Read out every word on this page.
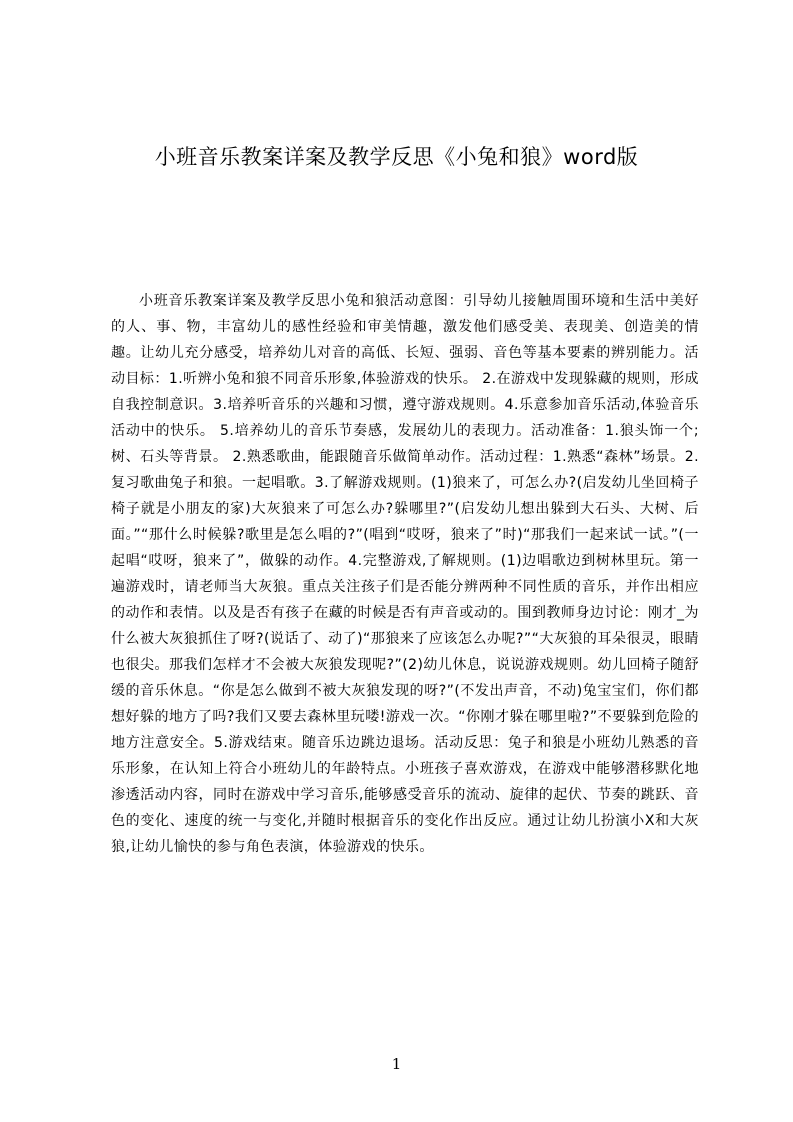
小班音乐教案详案及教学反思《小兔和狼》word版

小班音乐教案详案及教学反思小兔和狼活动意图：引导幼儿接触周围环境和生活中美好的人、事、物，丰富幼儿的感性经验和审美情趣，激发他们感受美、表现美、创造美的情趣。让幼儿充分感受，培养幼儿对音的高低、长短、强弱、音色等基本要素的辨别能力。活动目标：1.听辨小兔和狼不同音乐形象,体验游戏的快乐。 2.在游戏中发现躲藏的规则，形成自我控制意识。3.培养听音乐的兴趣和习惯，遵守游戏规则。4.乐意参加音乐活动,体验音乐活动中的快乐。 5.培养幼儿的音乐节奏感，发展幼儿的表现力。活动准备：1.狼头饰一个;树、石头等背景。 2.熟悉歌曲，能跟随音乐做简单动作。活动过程：1.熟悉“森林”场景。2.复习歌曲兔子和狼。一起唱歌。3.了解游戏规则。(1)狼来了，可怎么办?(启发幼儿坐回椅子椅子就是小朋友的家)大灰狼来了可怎么办?躲哪里?”(启发幼儿想出躲到大石头、大树、后面。”“那什么时候躲?歌里是怎么唱的?”(唱到“哎呀，狼来了”时)“那我们一起来试一试。”(一起唱“哎呀，狼来了”，做躲的动作。4.完整游戏,了解规则。(1)边唱歌边到树林里玩。第一遍游戏时，请老师当大灰狼。重点关注孩子们是否能分辨两种不同性质的音乐，并作出相应的动作和表情。以及是否有孩子在藏的时候是否有声音或动的。围到教师身边讨论：刚才_为什么被大灰狼抓住了呀?(说话了、动了)“那狼来了应该怎么办呢?”“大灰狼的耳朵很灵，眼睛也很尖。那我们怎样才不会被大灰狼发现呢?”(2)幼儿休息，说说游戏规则。幼儿回椅子随舒缓的音乐休息。“你是怎么做到不被大灰狼发现的呀?”(不发出声音，不动)兔宝宝们，你们都想好躲的地方了吗?我们又要去森林里玩喽!游戏一次。“你刚才躲在哪里啦?”不要躲到危险的地方注意安全。5.游戏结束。随音乐边跳边退场。活动反思：兔子和狼是小班幼儿熟悉的音乐形象，在认知上符合小班幼儿的年龄特点。小班孩子喜欢游戏，在游戏中能够潜移默化地渗透活动内容，同时在游戏中学习音乐,能够感受音乐的流动、旋律的起伏、节奏的跳跃、音色的变化、速度的统一与变化,并随时根据音乐的变化作出反应。通过让幼儿扮演小X和大灰狼,让幼儿愉快的参与角色表演，体验游戏的快乐。

1
